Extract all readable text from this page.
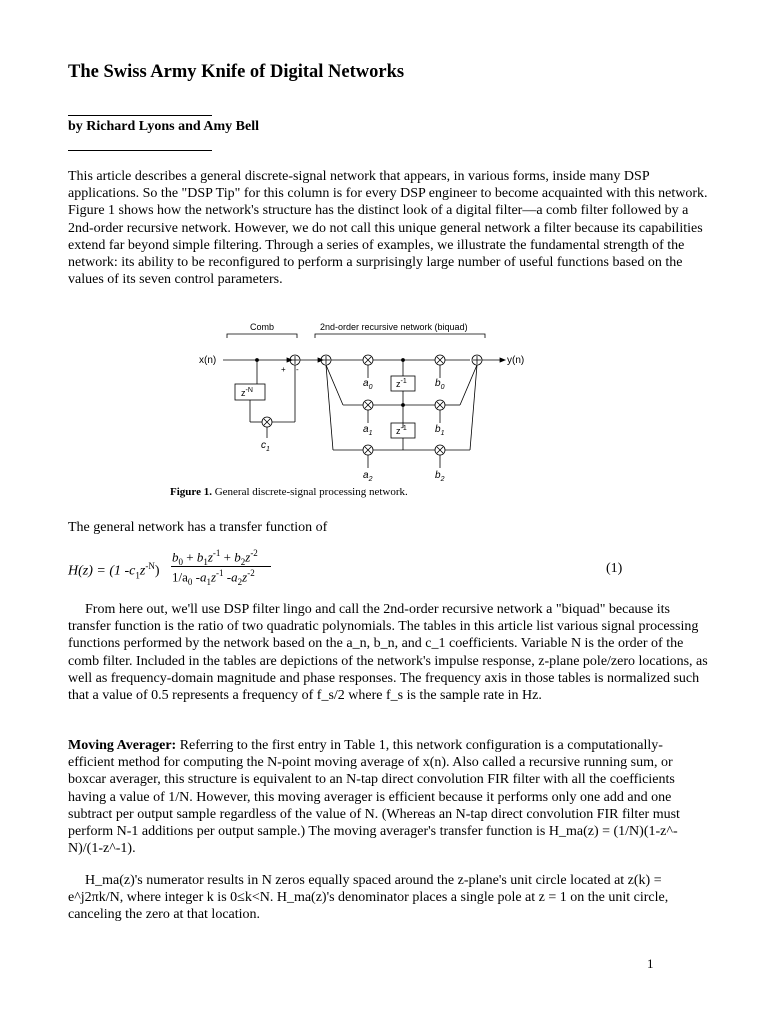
The Swiss Army Knife of Digital Networks
by Richard Lyons and Amy Bell

This article describes a general discrete-signal network that appears, in various forms, inside many DSP applications. So the "DSP Tip" for this column is for every DSP engineer to become acquainted with this network. Figure 1 shows how the network's structure has the distinct look of a digital filter—a comb filter followed by a 2nd-order recursive network. However, we do not call this unique general network a filter because its capabilities extend far beyond simple filtering. Through a series of examples, we illustrate the fundamental strength of the network: its ability to be reconfigured to perform a surprisingly large number of useful functions based on the values of its seven control parameters.

Comb	2nd-order recursive network (biquad)
x(n)
+ -
$z^{-N}$
$c_1$
$a_0$	$b_0$
y(n)
$z^{-1}$
$a_1$	$b_1$
$z^{-1}$
$a_2$	$b_2$
Figure 1. General discrete-signal processing network.

The general network has a transfer function of

H(z) = (1 $-c_1z^{-N}$)
$b_0 + b_1z^{-1} + b_2z^{-2}$
$1/a_0$ $-a_1z^{-1}$ $-a_2z^{-2}$	(1)

From here out, we'll use DSP filter lingo and call the 2nd-order recursive network a "biquad" because its transfer function is the ratio of two quadratic polynomials. The tables in this article list various signal processing functions performed by the network based on the a_n, b_n, and c_1 coefficients. Variable N is the order of the comb filter. Included in the tables are depictions of the network's impulse response, z-plane pole/zero locations, as well as frequency-domain magnitude and phase responses. The frequency axis in those tables is normalized such that a value of 0.5 represents a frequency of f_s/2 where f_s is the sample rate in Hz.

Moving Averager: Referring to the first entry in Table 1, this network configuration is a computationally-efficient method for computing the N-point moving average of x(n). Also called a recursive running sum, or boxcar averager, this structure is equivalent to an N-tap direct convolution FIR filter with all the coefficients having a value of 1/N. However, this moving averager is efficient because it performs only one add and one subtract per output sample regardless of the value of N. (Whereas an N-tap direct convolution FIR filter must perform N-1 additions per output sample.) The moving averager's transfer function is H_ma(z) = (1/N)(1-z^-N)/(1-z^-1).

H_ma(z)'s numerator results in N zeros equally spaced around the z-plane's unit circle located at z(k) = e^j2πk/N, where integer k is 0≤k<N. H_ma(z)'s denominator places a single pole at z = 1 on the unit circle, canceling the zero at that location.

1
